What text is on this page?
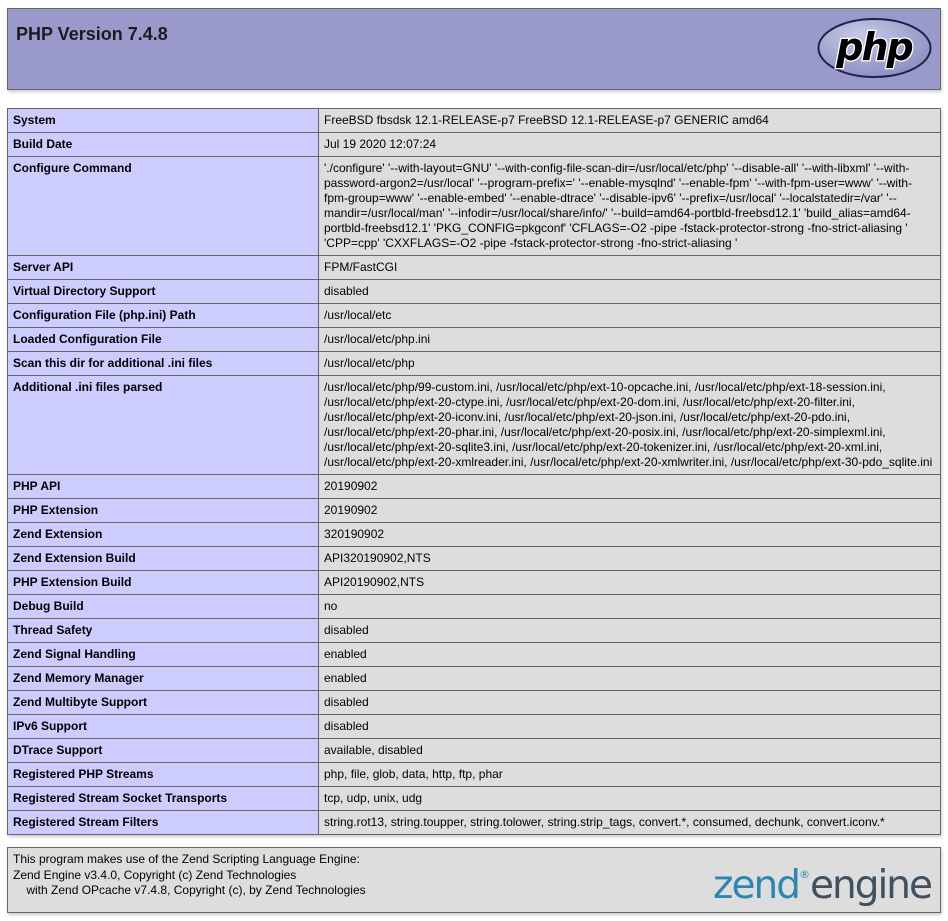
php
PHP Version 7.4.8
System	FreeBSD fbsdsk 12.1-RELEASE-p7 FreeBSD 12.1-RELEASE-p7 GENERIC amd64
Build Date	Jul 19 2020 12:07:24
Configure Command	'./configure' '--with-layout=GNU' '--with-config-file-scan-dir=/usr/local/etc/php' '--disable-all' '--with-libxml' '--with-password-argon2=/usr/local' '--program-prefix=' '--enable-mysqlnd' '--enable-fpm' '--with-fpm-user=www' '--with-fpm-group=www' '--enable-embed' '--enable-dtrace' '--disable-ipv6' '--prefix=/usr/local' '--localstatedir=/var' '--mandir=/usr/local/man' '--infodir=/usr/local/share/info/' '--build=amd64-portbld-freebsd12.1' 'build_alias=amd64-portbld-freebsd12.1' 'PKG_CONFIG=pkgconf' 'CFLAGS=-O2 -pipe -fstack-protector-strong -fno-strict-aliasing ' 'CPP=cpp' 'CXXFLAGS=-O2 -pipe -fstack-protector-strong -fno-strict-aliasing '
Server API	FPM/FastCGI
Virtual Directory Support	disabled
Configuration File (php.ini) Path	/usr/local/etc
Loaded Configuration File	/usr/local/etc/php.ini
Scan this dir for additional .ini files	/usr/local/etc/php
Additional .ini files parsed	/usr/local/etc/php/99-custom.ini, /usr/local/etc/php/ext-10-opcache.ini, /usr/local/etc/php/ext-18-session.ini, /usr/local/etc/php/ext-20-ctype.ini, /usr/local/etc/php/ext-20-dom.ini, /usr/local/etc/php/ext-20-filter.ini, /usr/local/etc/php/ext-20-iconv.ini, /usr/local/etc/php/ext-20-json.ini, /usr/local/etc/php/ext-20-pdo.ini, /usr/local/etc/php/ext-20-phar.ini, /usr/local/etc/php/ext-20-posix.ini, /usr/local/etc/php/ext-20-simplexml.ini, /usr/local/etc/php/ext-20-sqlite3.ini, /usr/local/etc/php/ext-20-tokenizer.ini, /usr/local/etc/php/ext-20-xml.ini, /usr/local/etc/php/ext-20-xmlreader.ini, /usr/local/etc/php/ext-20-xmlwriter.ini, /usr/local/etc/php/ext-30-pdo_sqlite.ini
PHP API	20190902
PHP Extension	20190902
Zend Extension	320190902
Zend Extension Build	API320190902,NTS
PHP Extension Build	API20190902,NTS
Debug Build	no
Thread Safety	disabled
Zend Signal Handling	enabled
Zend Memory Manager	enabled
Zend Multibyte Support	disabled
IPv6 Support	disabled
DTrace Support	available, disabled
Registered PHP Streams	php, file, glob, data, http, ftp, phar
Registered Stream Socket Transports	tcp, udp, unix, udg
Registered Stream Filters	string.rot13, string.toupper, string.tolower, string.strip_tags, convert.*, consumed, dechunk, convert.iconv.*
zend®engine
This program makes use of the Zend Scripting Language Engine:
Zend Engine v3.4.0, Copyright (c) Zend Technologies
with Zend OPcache v7.4.8, Copyright (c), by Zend Technologies
